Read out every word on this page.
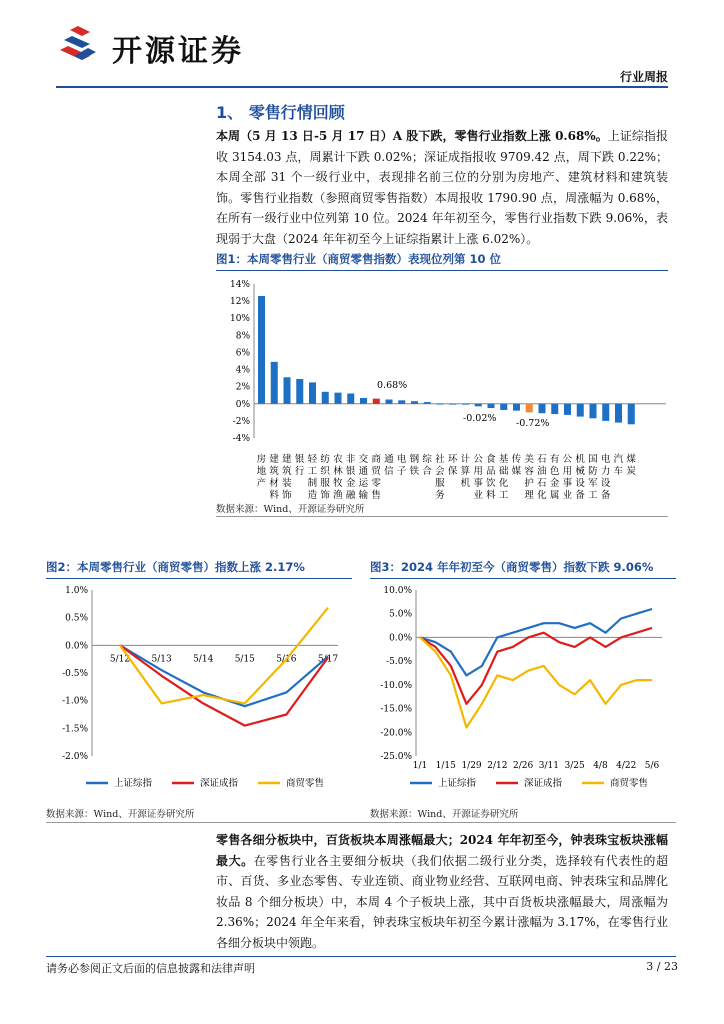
开源证券
行业周报
1、 零售行情回顾

本周（5 月 13 日-5 月 17 日）A 股下跌，零售行业指数上涨 0.68%。上证综指报收 3154.03 点，周累计下跌 0.02%；深证成指报收 9709.42 点，周下跌 0.22%；本周全部 31 个一级行业中，表现排名前三位的分别为房地产、建筑材料和建筑装饰。零售行业指数（参照商贸零售指数）本周报收 1790.90 点，周涨幅为 0.68%，在所有一级行业中位列第 10 位。2024 年年初至今，零售行业指数下跌 9.06%，表现弱于大盘（2024 年年初至今上证综指累计上涨 6.02%）。

图1：本周零售行业（商贸零售指数）表现位列第 10 位
14%
12%
10%
8%
6%
4%
2%
0%
-2%
-4%
房
地
产
建
筑
材
料
建
筑
装
饰
银
行
轻
工
制
造
纺
织
服
饰
农
林
牧
渔
非
银
金
融
交
通
运
输
商
贸
零
售
通
信
电
子
钢
铁
综
合
社
会
服
务
环
保
计
算
机
公
用
事
业
食
品
饮
料
基
础
化
工
传
媒
美
容
护
理
石
油
石
化
有
色
金
属
公
用
事
业
机
械
设
备
国
防
军
工
电
力
设
备
汽
车
煤
炭
0.68%
-0.02% -0.72%
数据来源：Wind、开源证券研究所
图2：本周零售行业（商贸零售）指数上涨 2.17%
1.0%
0.5%
0.0%
-0.5%
-1.0%
-1.5%
-2.0%
5/12 5/13 5/14 5/15 5/16 5/17
上证综指	深证成指	商贸零售
数据来源：Wind、开源证券研究所
图3：2024 年年初至今（商贸零售）指数下跌 9.06%
10.0%
5.0%
0.0%
-5.0%
-10.0%
-15.0%
-20.0%
-25.0%
1/1 1/15 1/29 2/12 2/26 3/11 3/25 4/8 4/22 5/6
上证综指	深证成指	商贸零售
数据来源：Wind、开源证券研究所

零售各细分板块中，百货板块本周涨幅最大；2024 年年初至今，钟表珠宝板块涨幅最大。在零售行业各主要细分板块（我们依据二级行业分类，选择较有代表性的超市、百货、多业态零售、专业连锁、商业物业经营、互联网电商、钟表珠宝和品牌化妆品 8 个细分板块）中，本周 4 个子板块上涨，其中百货板块涨幅最大，周涨幅为 2.36%；2024 年全年来看，钟表珠宝板块年初至今累计涨幅为 3.17%，在零售行业各细分板块中领跑。

请务必参阅正文后面的信息披露和法律声明	3 / 23
